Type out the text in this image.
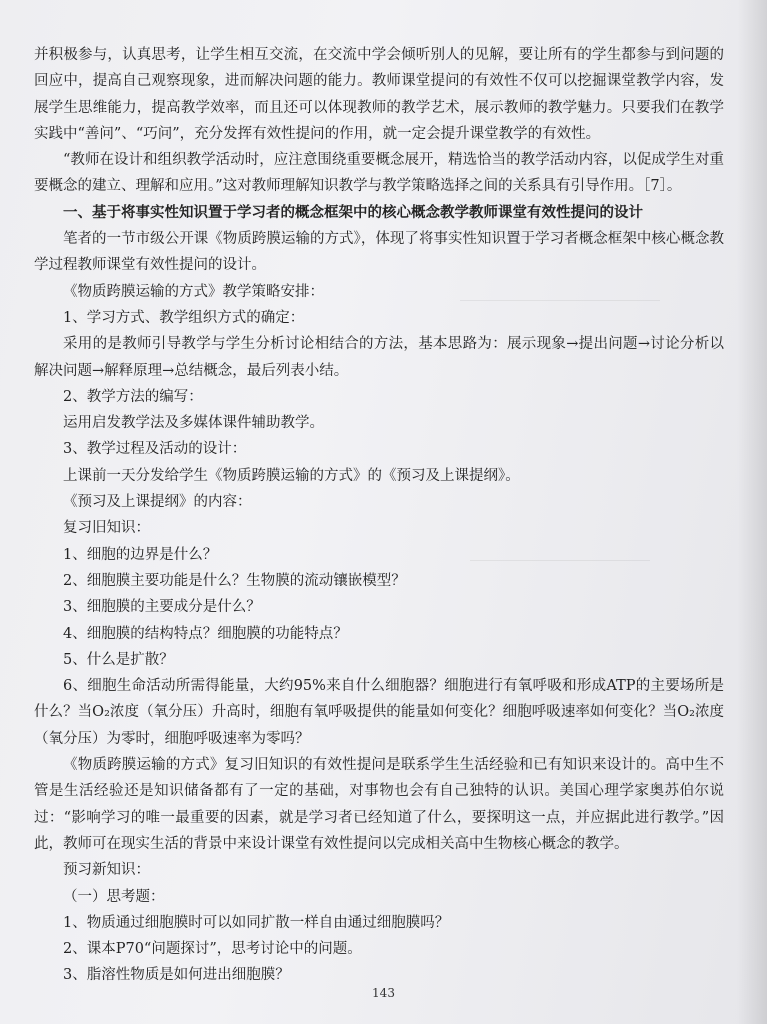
并积极参与，认真思考，让学生相互交流，在交流中学会倾听别人的见解，要让所有的学生都参与到问题的回应中，提高自己观察现象，进而解决问题的能力。教师课堂提问的有效性不仅可以挖掘课堂教学内容，发展学生思维能力，提高教学效率，而且还可以体现教师的教学艺术，展示教师的教学魅力。只要我们在教学实践中“善问”、“巧问”，充分发挥有效性提问的作用，就一定会提升课堂教学的有效性。

“教师在设计和组织教学活动时，应注意围绕重要概念展开，精选恰当的教学活动内容，以促成学生对重要概念的建立、理解和应用。”这对教师理解知识教学与教学策略选择之间的关系具有引导作用。［7］。

一、基于将事实性知识置于学习者的概念框架中的核心概念教学教师课堂有效性提问的设计

笔者的一节市级公开课《物质跨膜运输的方式》，体现了将事实性知识置于学习者概念框架中核心概念教学过程教师课堂有效性提问的设计。

《物质跨膜运输的方式》教学策略安排：

1、学习方式、教学组织方式的确定：

采用的是教师引导教学与学生分析讨论相结合的方法，基本思路为：展示现象→提出问题→讨论分析以解决问题→解释原理→总结概念，最后列表小结。

2、教学方法的编写：

运用启发教学法及多媒体课件辅助教学。

3、教学过程及活动的设计：

上课前一天分发给学生《物质跨膜运输的方式》的《预习及上课提纲》。

《预习及上课提纲》的内容：

复习旧知识：

1、细胞的边界是什么？

2、细胞膜主要功能是什么？生物膜的流动镶嵌模型？

3、细胞膜的主要成分是什么？

4、细胞膜的结构特点？细胞膜的功能特点？

5、什么是扩散？

6、细胞生命活动所需得能量，大约95%来自什么细胞器？细胞进行有氧呼吸和形成ATP的主要场所是什么？当O₂浓度（氧分压）升高时，细胞有氧呼吸提供的能量如何变化？细胞呼吸速率如何变化？当O₂浓度（氧分压）为零时，细胞呼吸速率为零吗？

《物质跨膜运输的方式》复习旧知识的有效性提问是联系学生生活经验和已有知识来设计的。高中生不管是生活经验还是知识储备都有了一定的基础，对事物也会有自己独特的认识。美国心理学家奥苏伯尔说过：“影响学习的唯一最重要的因素，就是学习者已经知道了什么，要探明这一点，并应据此进行教学。”因此，教师可在现实生活的背景中来设计课堂有效性提问以完成相关高中生物核心概念的教学。

预习新知识：

（一）思考题：

1、物质通过细胞膜时可以如同扩散一样自由通过细胞膜吗？

2、课本P70“问题探讨”，思考讨论中的问题。

3、脂溶性物质是如何进出细胞膜？

143
